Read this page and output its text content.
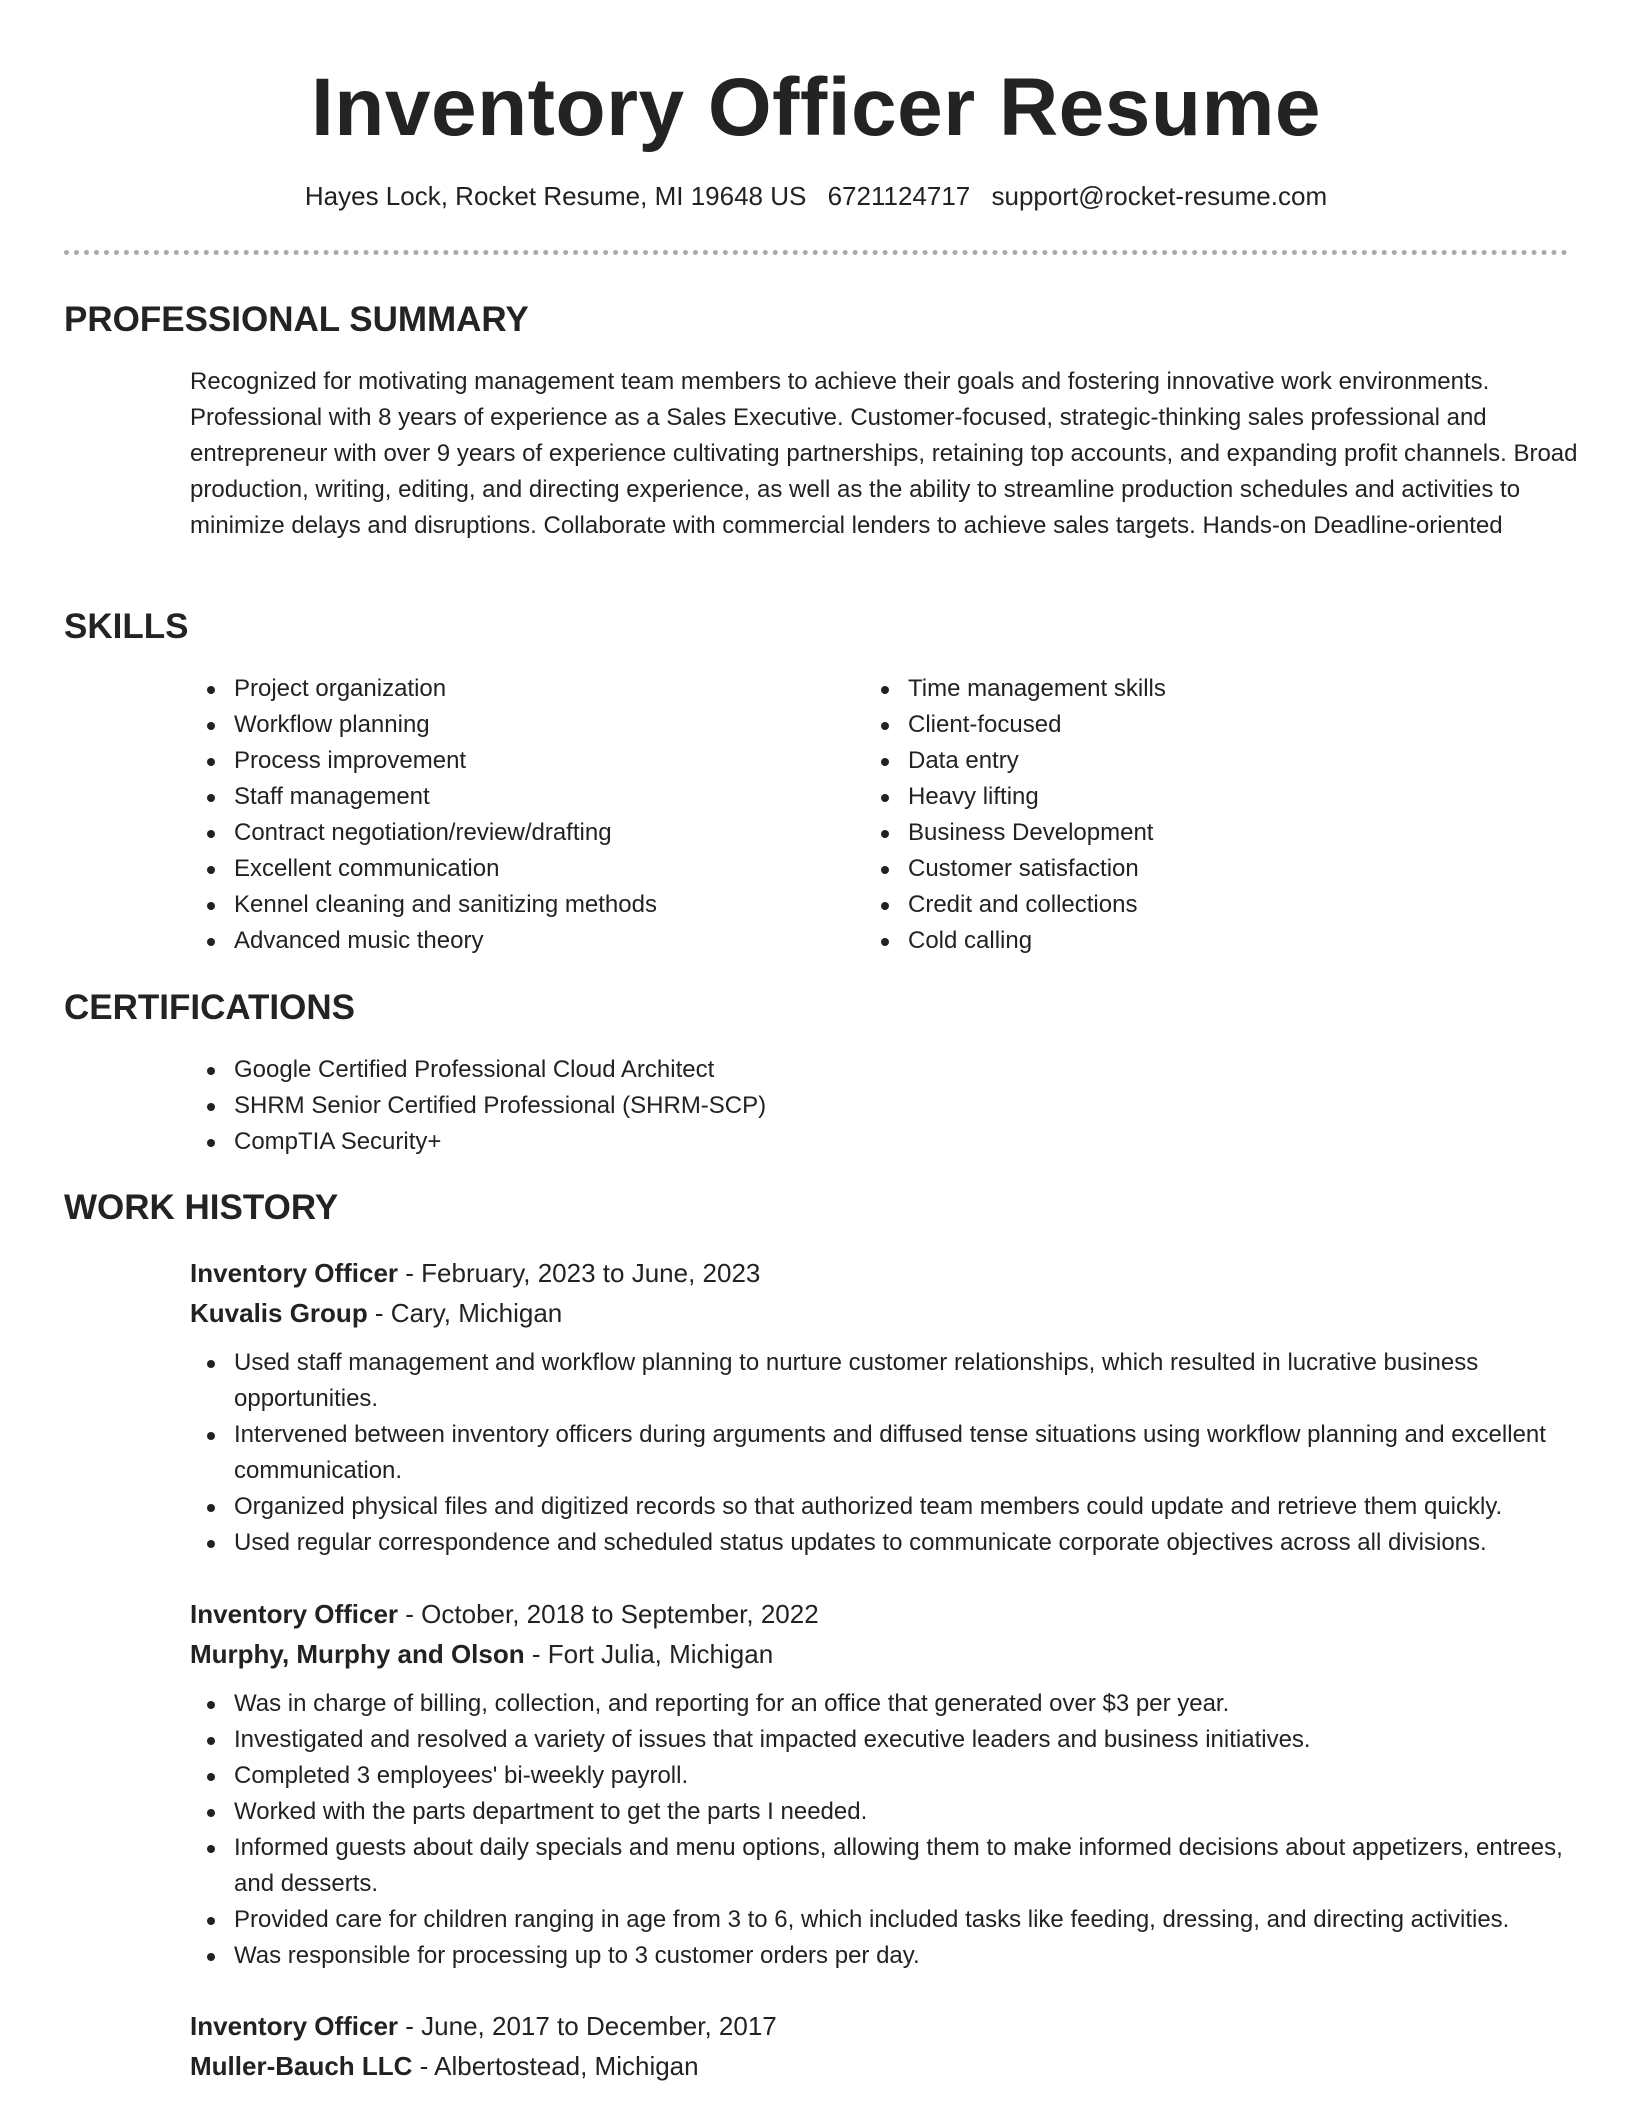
Inventory Officer Resume
Hayes Lock, Rocket Resume, MI 19648 US 6721124717 support@rocket-resume.com
PROFESSIONAL SUMMARY
Recognized for motivating management team members to achieve their goals and fostering innovative work environments. Professional with 8 years of experience as a Sales Executive. Customer-focused, strategic-thinking sales professional and entrepreneur with over 9 years of experience cultivating partnerships, retaining top accounts, and expanding profit channels. Broad production, writing, editing, and directing experience, as well as the ability to streamline production schedules and activities to minimize delays and disruptions. Collaborate with commercial lenders to achieve sales targets. Hands-on Deadline-oriented
SKILLS
Project organization
Workflow planning
Process improvement
Staff management
Contract negotiation/review/drafting
Excellent communication
Kennel cleaning and sanitizing methods
Advanced music theory
Time management skills
Client-focused
Data entry
Heavy lifting
Business Development
Customer satisfaction
Credit and collections
Cold calling
CERTIFICATIONS
Google Certified Professional Cloud Architect
SHRM Senior Certified Professional (SHRM-SCP)
CompTIA Security+
WORK HISTORY
Inventory Officer - February, 2023 to June, 2023
Kuvalis Group - Cary, Michigan
Used staff management and workflow planning to nurture customer relationships, which resulted in lucrative business opportunities.
Intervened between inventory officers during arguments and diffused tense situations using workflow planning and excellent communication.
Organized physical files and digitized records so that authorized team members could update and retrieve them quickly.
Used regular correspondence and scheduled status updates to communicate corporate objectives across all divisions.
Inventory Officer - October, 2018 to September, 2022
Murphy, Murphy and Olson - Fort Julia, Michigan
Was in charge of billing, collection, and reporting for an office that generated over $3 per year.
Investigated and resolved a variety of issues that impacted executive leaders and business initiatives.
Completed 3 employees' bi-weekly payroll.
Worked with the parts department to get the parts I needed.
Informed guests about daily specials and menu options, allowing them to make informed decisions about appetizers, entrees, and desserts.
Provided care for children ranging in age from 3 to 6, which included tasks like feeding, dressing, and directing activities.
Was responsible for processing up to 3 customer orders per day.
Inventory Officer - June, 2017 to December, 2017
Muller-Bauch LLC - Albertostead, Michigan
